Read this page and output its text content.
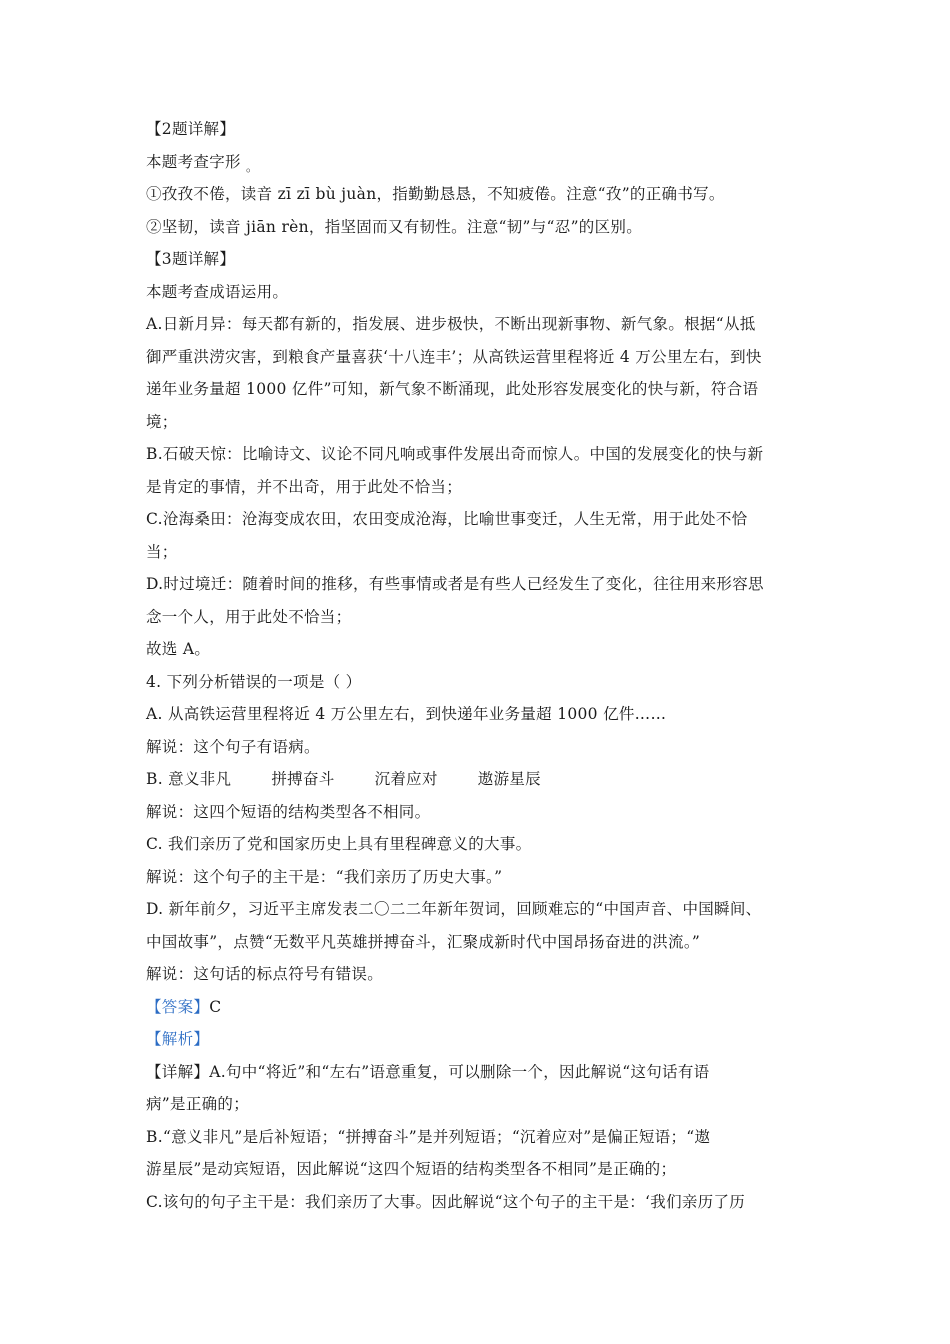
【2题详解】
本题考查字形 $_。$
①孜孜不倦，读音 zī zī bù juàn，指勤勤恳恳，不知疲倦。注意“孜”的正确书写。
②坚韧，读音 jiān rèn，指坚固而又有韧性。注意“韧”与“忍”的区别。
【3题详解】
本题考查成语运用。
A.日新月异：每天都有新的，指发展、进步极快，不断出现新事物、新气象。根据“从抵
御严重洪涝灾害，到粮食产量喜获‘十八连丰’；从高铁运营里程将近 4 万公里左右，到快
递年业务量超 1000 亿件”可知，新气象不断涌现，此处形容发展变化的快与新，符合语
境；
B.石破天惊：比喻诗文、议论不同凡响或事件发展出奇而惊人。中国的发展变化的快与新
是肯定的事情，并不出奇，用于此处不恰当；
C.沧海桑田：沧海变成农田，农田变成沧海，比喻世事变迁，人生无常，用于此处不恰
当；
D.时过境迁：随着时间的推移，有些事情或者是有些人已经发生了变化，往往用来形容思
念一个人，用于此处不恰当；
故选 A。
4. 下列分析错误的一项是（ ）
A. 从高铁运营里程将近 4 万公里左右，到快递年业务量超 1000 亿件……
解说：这个句子有语病。
B. 意义非凡	拼搏奋斗	沉着应对	遨游星辰
解说：这四个短语的结构类型各不相同。
C. 我们亲历了党和国家历史上具有里程碑意义的大事。
解说：这个句子的主干是：“我们亲历了历史大事。”
D. 新年前夕，习近平主席发表二〇二二年新年贺词，回顾难忘的“中国声音、中国瞬间、
中国故事”，点赞“无数平凡英雄拼搏奋斗，汇聚成新时代中国昂扬奋进的洪流。”
解说：这句话的标点符号有错误。
【答案】C
【解析】
【详解】A.句中“将近”和“左右”语意重复，可以删除一个，因此解说“这句话有语
病”是正确的；
B.“意义非凡”是后补短语；“拼搏奋斗”是并列短语；“沉着应对”是偏正短语；“遨
游星辰”是动宾短语，因此解说“这四个短语的结构类型各不相同”是正确的；
C.该句的句子主干是：我们亲历了大事。因此解说“这个句子的主干是：‘我们亲历了历
